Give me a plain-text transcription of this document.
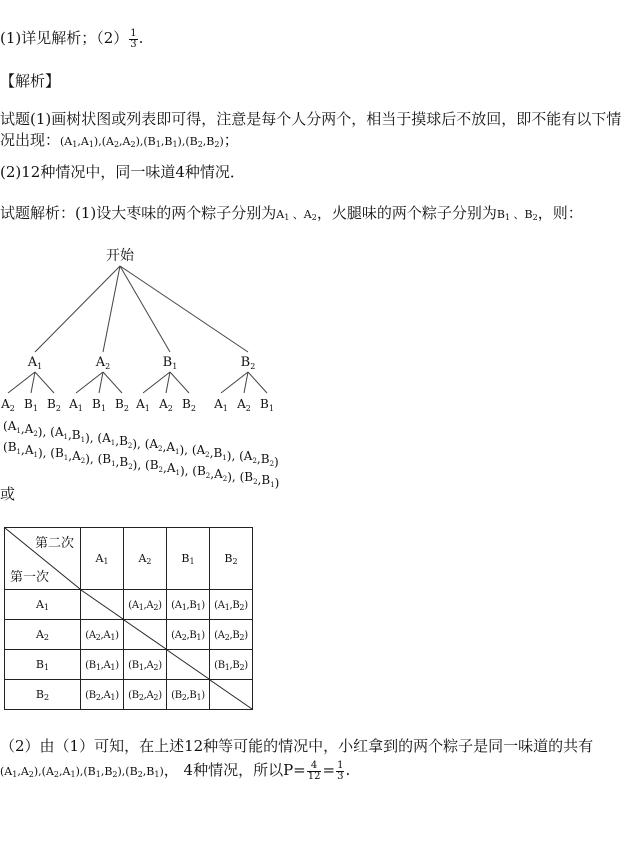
(1)详见解析；$(2) \frac{1}{3}$ .
【解析】
试题(1)画树状图或列表即可得，注意是每个人分两个，相当于摸球后不放回，即不能有以下情
况出现：$(A_1,A_1),(A_2,A_2),(B_1,B_1),(B_2,B_2)$；
(2)12种情况中，同一味道4种情况．
试题解析：(1)设大枣味的两个粽子分别为$A_1$ 、$A_2$，火腿味的两个粽子分别为$B_1$ 、$B_2$，则：
开始
$A_1$
$A_2$ $B_1$ $B_2$
$A_2$
$A_1$ $B_1$ $B_2$
$B_1$
$A_1$ $A_2$ $B_2$
$B_2$
$A_1$ $A_2$ $B_1$
$(A_1,A_2)$, $(A_1,B_1)$, $(A_1,B_2)$, $(A_2,A_1)$, $(A_2,B_1)$, $(A_2,B_2)$
$(B_1,A_1)$, $(B_1,A_2)$, $(B_1,B_2)$, $(B_2,A_1)$, $(B_2,A_2)$, $(B_2,B_1)$
或
第二次
第一次	$A_1$	$A_2$	$B_1$	$B_2$
$A_1$		$(A_1,A_2)$	$(A_1,B_1)$	$(A_1,B_2)$
$A_2$	$(A_2,A_1)$		$(A_2,B_1)$	$(A_2,B_2)$
$B_1$	$(B_1,A_1)$	$(B_1,A_2)$		$(B_1,B_2)$
$B_2$	$(B_2,A_1)$	$(B_2,A_2)$	$(B_2,B_1)$	
（2）由（1）可知，在上述12种等可能的情况中，小红拿到的两个粽子是同一味道的共有
$(A_1,A_2),(A_2,A_1),(B_1,B_2),(B_2,B_1)$， 4种情况，所以$P= \frac{4}{12} = \frac{1}{3}$ .
